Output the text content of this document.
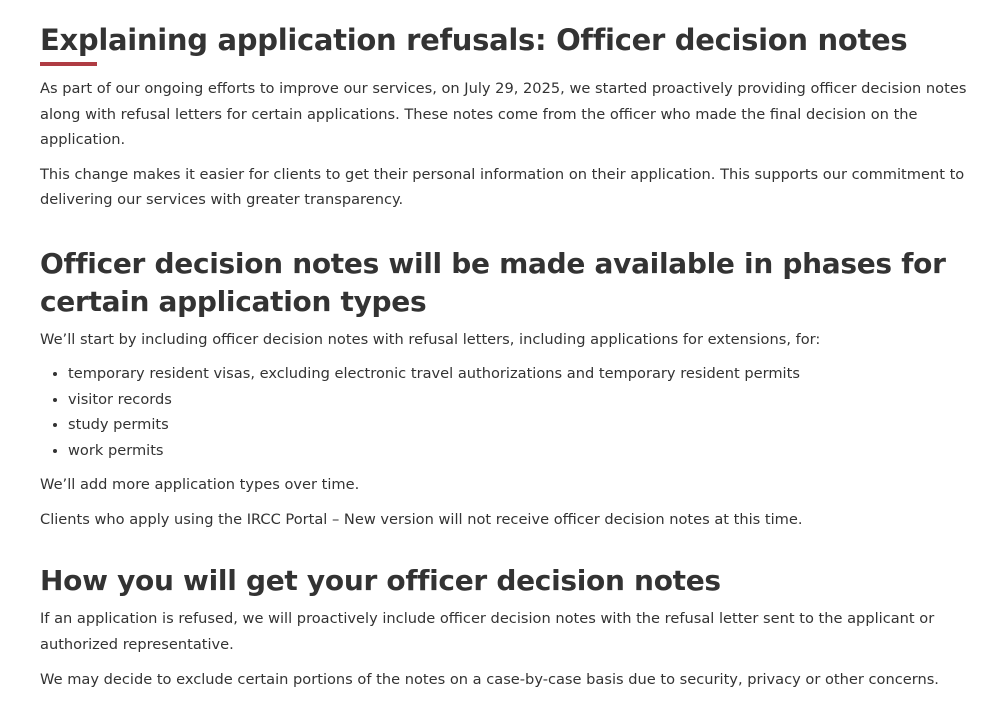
Explaining application refusals: Officer decision notes

As part of our ongoing efforts to improve our services, on July 29, 2025, we started proactively providing officer decision notes along with refusal letters for certain applications. These notes come from the officer who made the final decision on the application.

This change makes it easier for clients to get their personal information on their application. This supports our commitment to delivering our services with greater transparency.

Officer decision notes will be made available in phases for certain application types

We’ll start by including officer decision notes with refusal letters, including applications for extensions, for:

• temporary resident visas, excluding electronic travel authorizations and temporary resident permits
• visitor records
• study permits
• work permits

We’ll add more application types over time.

Clients who apply using the IRCC Portal – New version will not receive officer decision notes at this time.

How you will get your officer decision notes

If an application is refused, we will proactively include officer decision notes with the refusal letter sent to the applicant or authorized representative.

We may decide to exclude certain portions of the notes on a case-by-case basis due to security, privacy or other concerns.
